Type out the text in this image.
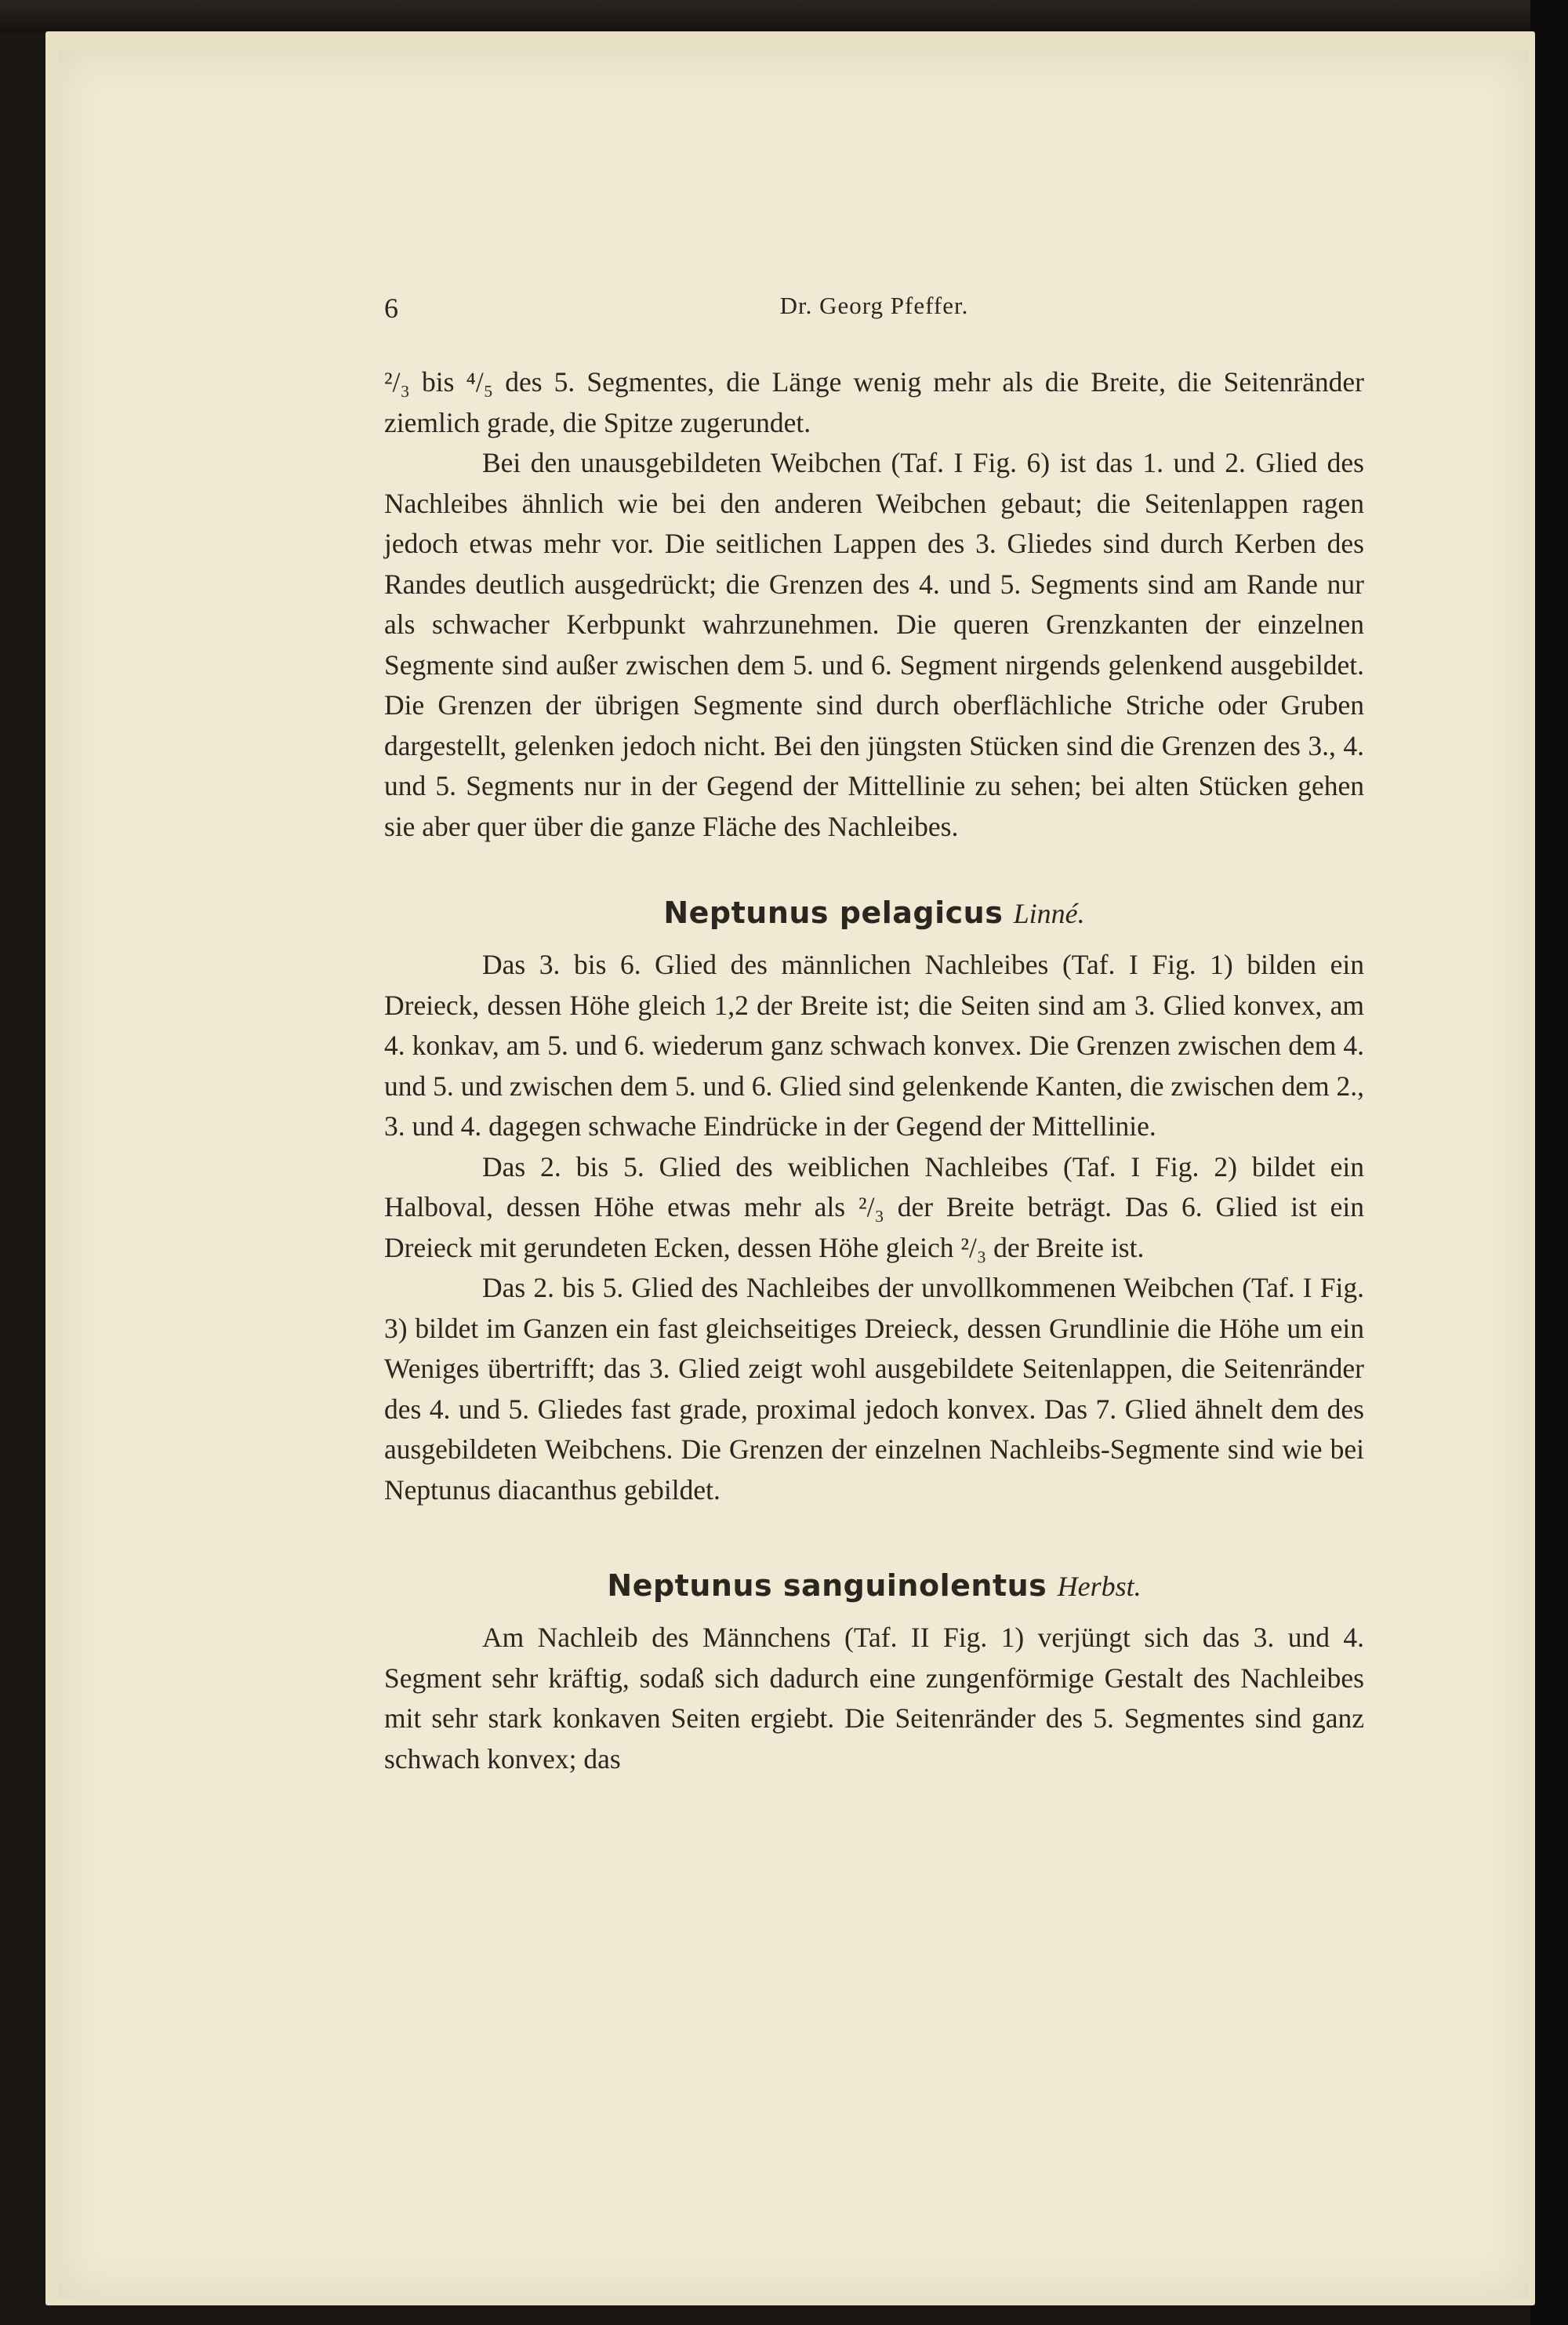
6	Dr. Georg Pfeffer.

²/₃ bis ⁴/₅ des 5. Segmentes, die Länge wenig mehr als die Breite, die Seitenränder ziemlich grade, die Spitze zugerundet.

Bei den unausgebildeten Weibchen (Taf. I Fig. 6) ist das 1. und 2. Glied des Nachleibes ähnlich wie bei den anderen Weibchen gebaut; die Seitenlappen ragen jedoch etwas mehr vor. Die seitlichen Lappen des 3. Gliedes sind durch Kerben des Randes deutlich ausgedrückt; die Grenzen des 4. und 5. Segments sind am Rande nur als schwacher Kerbpunkt wahrzunehmen. Die queren Grenzkanten der einzelnen Segmente sind außer zwischen dem 5. und 6. Segment nirgends gelenkend ausgebildet. Die Grenzen der übrigen Segmente sind durch oberflächliche Striche oder Gruben dargestellt, gelenken jedoch nicht. Bei den jüngsten Stücken sind die Grenzen des 3., 4. und 5. Segments nur in der Gegend der Mittellinie zu sehen; bei alten Stücken gehen sie aber quer über die ganze Fläche des Nachleibes.

Neptunus pelagicus Linné.

Das 3. bis 6. Glied des männlichen Nachleibes (Taf. I Fig. 1) bilden ein Dreieck, dessen Höhe gleich 1,2 der Breite ist; die Seiten sind am 3. Glied konvex, am 4. konkav, am 5. und 6. wiederum ganz schwach konvex. Die Grenzen zwischen dem 4. und 5. und zwischen dem 5. und 6. Glied sind gelenkende Kanten, die zwischen dem 2., 3. und 4. dagegen schwache Eindrücke in der Gegend der Mittellinie.

Das 2. bis 5. Glied des weiblichen Nachleibes (Taf. I Fig. 2) bildet ein Halboval, dessen Höhe etwas mehr als ²/₃ der Breite beträgt. Das 6. Glied ist ein Dreieck mit gerundeten Ecken, dessen Höhe gleich ²/₃ der Breite ist.

Das 2. bis 5. Glied des Nachleibes der unvollkommenen Weibchen (Taf. I Fig. 3) bildet im Ganzen ein fast gleichseitiges Dreieck, dessen Grundlinie die Höhe um ein Weniges übertrifft; das 3. Glied zeigt wohl ausgebildete Seitenlappen, die Seitenränder des 4. und 5. Gliedes fast grade, proximal jedoch konvex. Das 7. Glied ähnelt dem des ausgebildeten Weibchens. Die Grenzen der einzelnen Nachleibs-Segmente sind wie bei Neptunus diacanthus gebildet.

Neptunus sanguinolentus Herbst.

Am Nachleib des Männchens (Taf. II Fig. 1) verjüngt sich das 3. und 4. Segment sehr kräftig, sodaß sich dadurch eine zungenförmige Gestalt des Nachleibes mit sehr stark konkaven Seiten ergiebt. Die Seitenränder des 5. Segmentes sind ganz schwach konvex; das
